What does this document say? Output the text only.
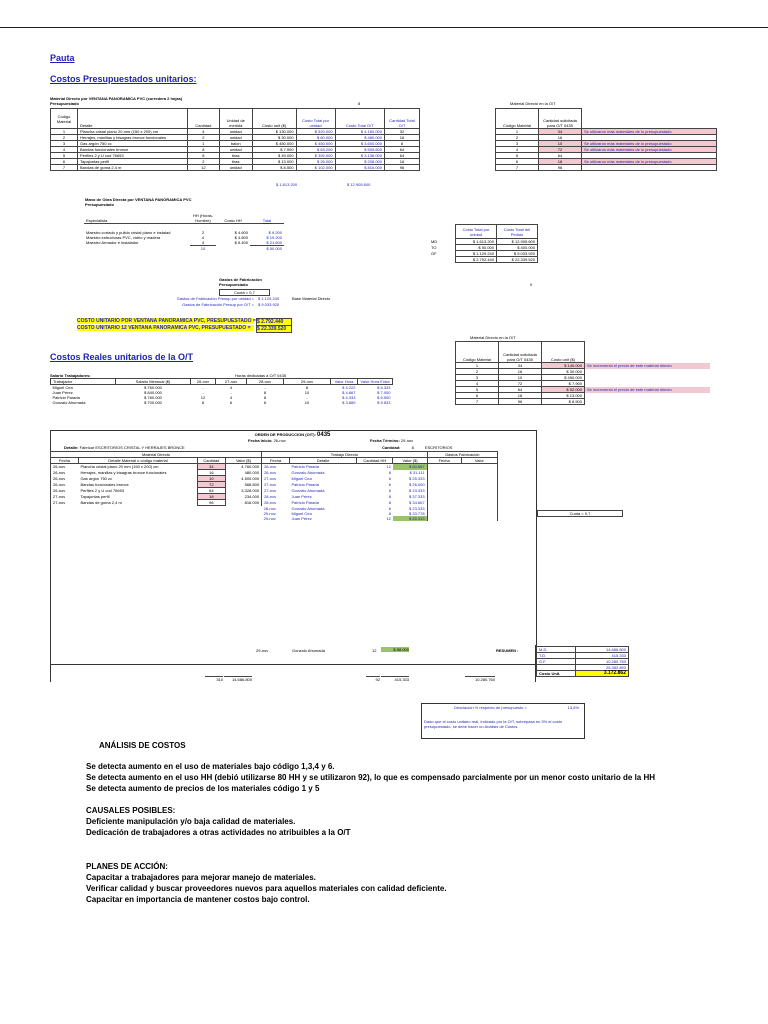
Pauta
Costos Presupuestados unitarios:
Material Directo por VENTANA PANORAMICA PVC (corredera 2 hojas)
Presupuestado	8
Código Material	Detalle	Cantidad	Unidad de medida	Costo unit ($)	Costo Total por unidad	Costo Total O/T	Cantidad Total O/T
1	Plancha cristal plano 20 mm (150 x 200) cm	4	unidad	$ 130.000	$ 520.000	$ 4.160.000	32
2	Herrajes, manillas y bisagras bronce funcionales	2	unidad	$ 30.000	$ 60.000	$ 480.000	16
3	Gas argón 750 cc	1	balon	$ 450.000	$ 450.000	$ 3.600.000	8
4	Bandas funcionales bronce	8	unidad	$ 7.900	$ 63.200	$ 505.600	64
5	Perfiles 2 y U cod 76653	8	tiras	$ 49.000	$ 392.000	$ 3.136.000	64
6	Tapajuntas perfil	2	tiras	$ 13.000	$ 26.000	$ 208.000	16
7	Bandas de goma 2,4 m	12	unidad	$ 8.500	$ 102.000	$ 816.000	96
$ 1.613.200	$ 12.905.600
Material Directo en la O/T
Código Material	Cantidad solicitada para O/T 0435	
1	34	Se utilizaron más materiales de lo presupuestado
2	16	
3	10	Se utilizaron más materiales de lo presupuestado
4	72	Se utilizaron más materiales de lo presupuestado
5	64	
6	18	Se utilizaron más materiales de lo presupuestado
7	96	
Mano de Obra Directa por VENTANA PANORAMICA PVC
Presupuestado
Especialista	HH (Horas-Hombre)	Costo HH	Total

Maestro cortado y pulido cristal plano e instalad	2	$ 4.600	$ 9.200
Maestro estructuras PVC, vidrio y madera	4	$ 4.800	$ 19.200
Maestro Armador e instalador	4	$ 5.400	$ 21.600
	10		$ 50.000
	Costo Total por unidad	Costo Total del Pedido
MD	$ 1.613.200	$ 12.905.600
TO	$ 50.000	$ 400.000
GF	$ 1.129.240	$ 9.033.920
	$ 2.792.440	$ 22.339.520
Gastos de Fabricación
Presupuestado	0
Cuota = 0,7
Gastos de Fabricación Presup por unidad = $ 1.129.240	Base Material Directo
Gastos de Fabricación Presup por O/T = $ 9.033.920
COSTO UNITARIO POR VENTANA PANORAMICA PVC, PRESUPUESTADO = $ 2.792.440
COSTO UNITARIO 12 VENTANA PANORAMICA PVC, PRESUPUESTADO =	$ 22.339.520
Costos Reales unitarios de la O/T
Material Directo en la O/T
Código Material	Cantidad solicitada para O/T 0435	Costo unit ($)	
1	34	$ 140.000	Se incrementó el precio de este material directo
2	16	$ 30.000	
3	10	$ 450.000	
4	72	$ 7.900	
5	64	$ 52.000	Se incrementó el precio de este material directo
6	18	$ 13.000	
7	96	$ 8.500	
Salario Trabajadores:	Horas dedicadas a O/T 0435
Trabajador	Salario Mensual ($)	26-nov	27-nov	28-nov	29-nov	Valor Hora	Valor Hora Extra
Miguel Cea	$ 760.000	-	4	-	8	$ 4.222	$ 6.333
Juan Pérez	$ 840.000	-	-	8	10	$ 4.667	$ 7.000
Patricio Parada	$ 780.000	12	4	8	-	$ 4.333	$ 6.500
Gonzalo Ahumada	$ 700.000	8	6	6	10	$ 3.889	$ 5.833
ORDEN DE PRODUCCION (O/T): 0435
Fecha Inicio: 26-nov	Fecha Término: 29-nov
Detalle: Fabricar ESCRITORIOS CRISTAL Y HERRAJES BRONCE	Cantidad:	8	ESCRITORIOS
Material Directo				Trabajo Directo				Gastos Fabricación	
Fecha	Detalle Material o código material	Cantidad	Valor ($)	Fecha	Detalle	Cantidad HH	Valor ($)	Fecha	Valor
26-nov	Plancha cristal plano 20 mm (150 x 200) cm	34	4.760.000	26-nov	Patricio Parada	12	$ 60.667		
26-nov	Herrajes, manillas y bisagras bronce funcionales	16	480.000	26-nov	Gonzalo Ahumada	8	$ 31.111		
26-nov	Gas argón 750 cc	10	4.500.000	27-nov	Miguel Cea	6	$ 25.333		
26-nov	Bandas funcionales bronce	72	568.800	27-nov	Patricio Parada	6	$ 26.000		
26-nov	Perfiles 2 y U cod 76653	64	3.328.000	27-nov	Gonzalo Ahumada	6	$ 23.333		
27-nov	Tapajuntas perfil	18	234.000	28-nov	Juan Pérez	8	$ 37.333		
27-nov	Bandas de goma 2,4 m	96	816.000	28-nov	Patricio Parada	8	$ 34.667		
				28-nov	Gonzalo Ahumada	6	$ 23.333		
				29-nov	Miguel Cea	8	$ 33.778		
				29-nov	Juan Pérez	12	$ 65.333		
Cuota = 0,7
29-nov	Gonzalo Ahumada	12	$ 58.000
310	14.686.800	92	415.333	10.280.760
RESUMEN :	M.D.	14.686.800
T.D.	415.333
G.F.	10.280.760
	25.382.893
Costo Unit.	3.172.862
Desviación % respecto de presupuesto =	13,6%
Dado que el costo unitario real, indicado por la O/T, sobrepasa en 3% el costo presupuestado, se debe hacer un Análisis de Costos.
ANÁLISIS DE COSTOS
Se detecta aumento en el uso de materiales bajo código 1,3,4 y 6.
Se detecta aumento en el uso HH (debió utilizarse 80 HH y se utilizaron 92), lo que es compensado parcialmente por un menor costo unitario de la HH
Se detecta aumento de precios de los materiales código 1 y 5
CAUSALES POSIBLES:
Deficiente manipulación y/o baja calidad de materiales.
Dedicación de trabajadores a otras actividades no atribuibles a la O/T
PLANES DE ACCIÓN:
Capacitar a trabajadores para mejorar manejo de materiales.
Verificar calidad y buscar proveedores nuevos para aquellos materiales con calidad deficiente.
Capacitar en importancia de mantener costos bajo control.
